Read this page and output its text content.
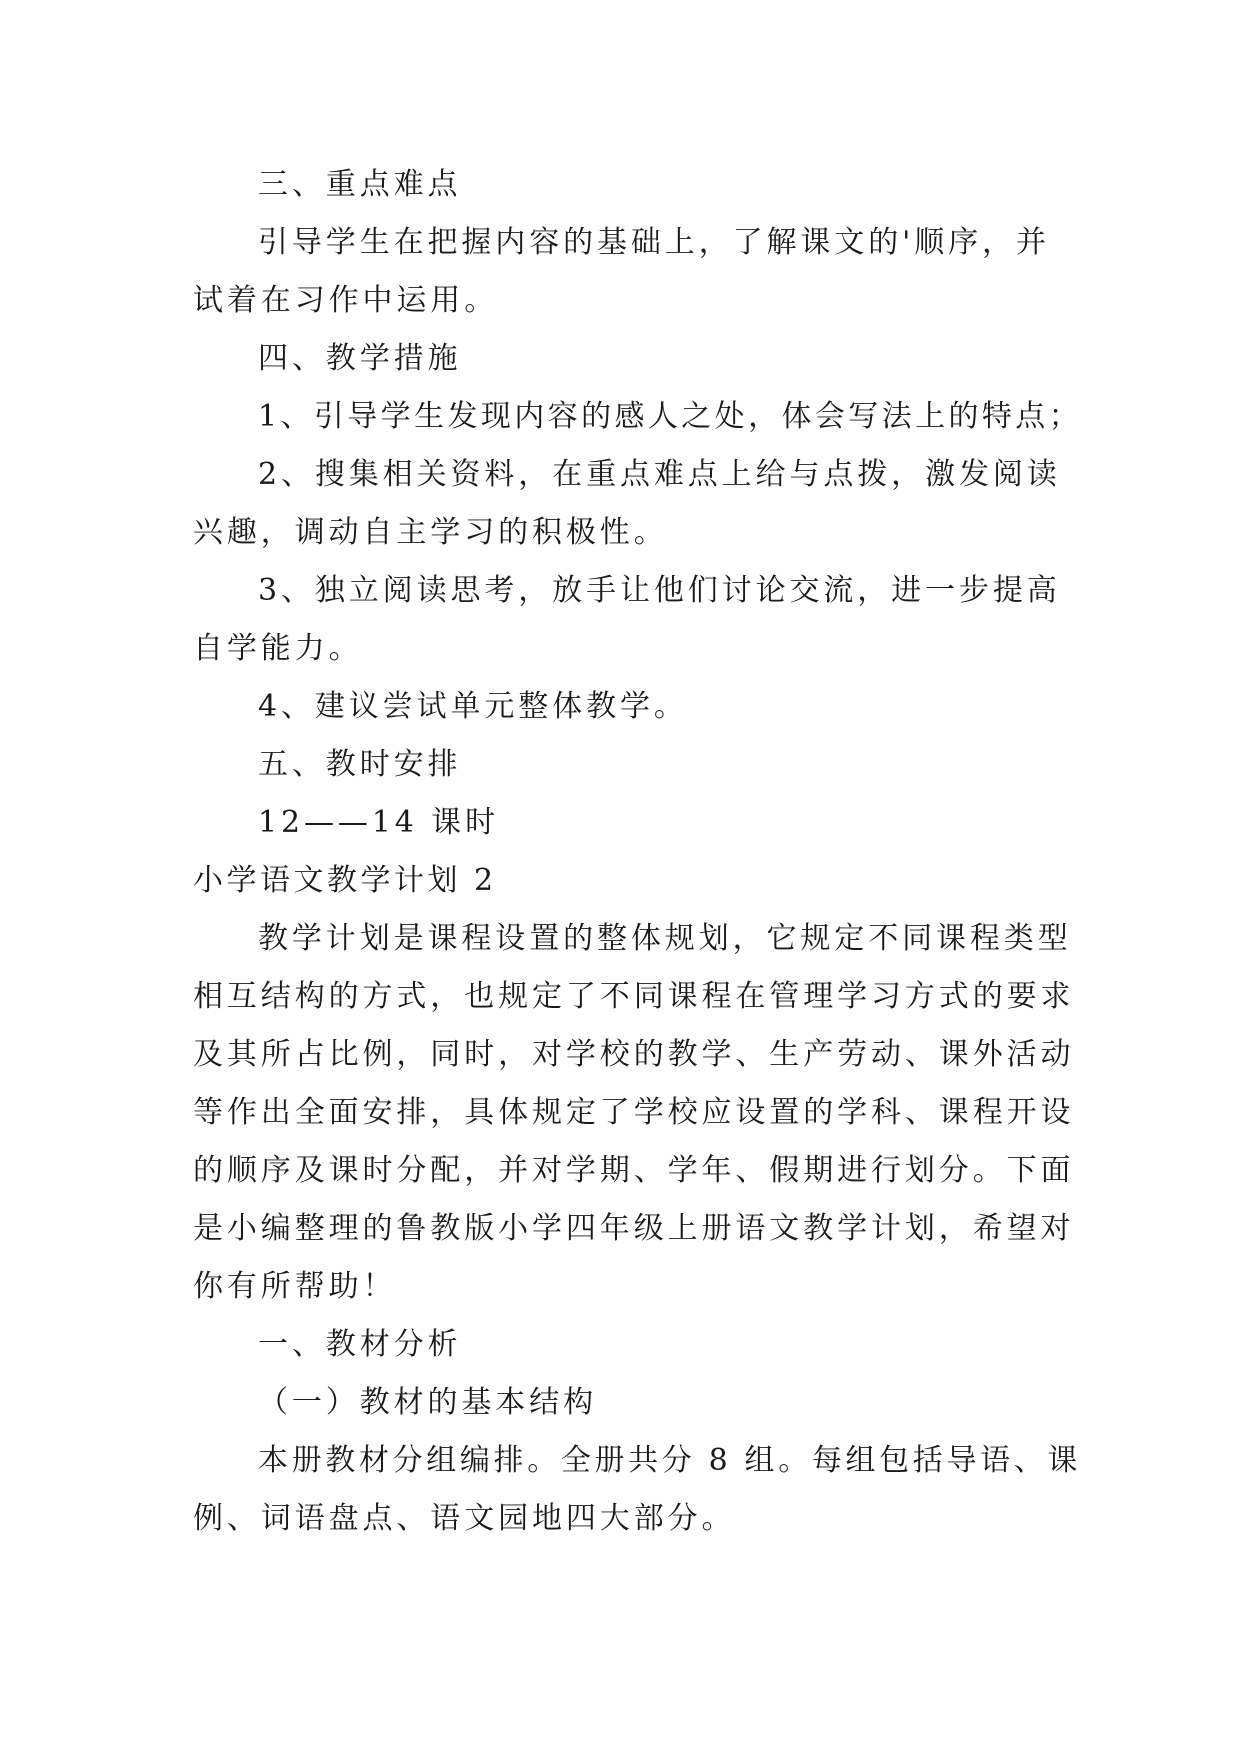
三、重点难点
引导学生在把握内容的基础上，了解课文的'顺序，并
试着在习作中运用。
四、教学措施
1、引导学生发现内容的感人之处，体会写法上的特点；
2、搜集相关资料，在重点难点上给与点拨，激发阅读
兴趣，调动自主学习的积极性。
3、独立阅读思考，放手让他们讨论交流，进一步提高
自学能力。
4、建议尝试单元整体教学。
五、教时安排
12——14 课时
小学语文教学计划 2
教学计划是课程设置的整体规划，它规定不同课程类型
相互结构的方式，也规定了不同课程在管理学习方式的要求
及其所占比例，同时，对学校的教学、生产劳动、课外活动
等作出全面安排，具体规定了学校应设置的学科、课程开设
的顺序及课时分配，并对学期、学年、假期进行划分。下面
是小编整理的鲁教版小学四年级上册语文教学计划，希望对
你有所帮助！
一、教材分析
（一）教材的基本结构
本册教材分组编排。全册共分 8 组。每组包括导语、课
例、词语盘点、语文园地四大部分。
